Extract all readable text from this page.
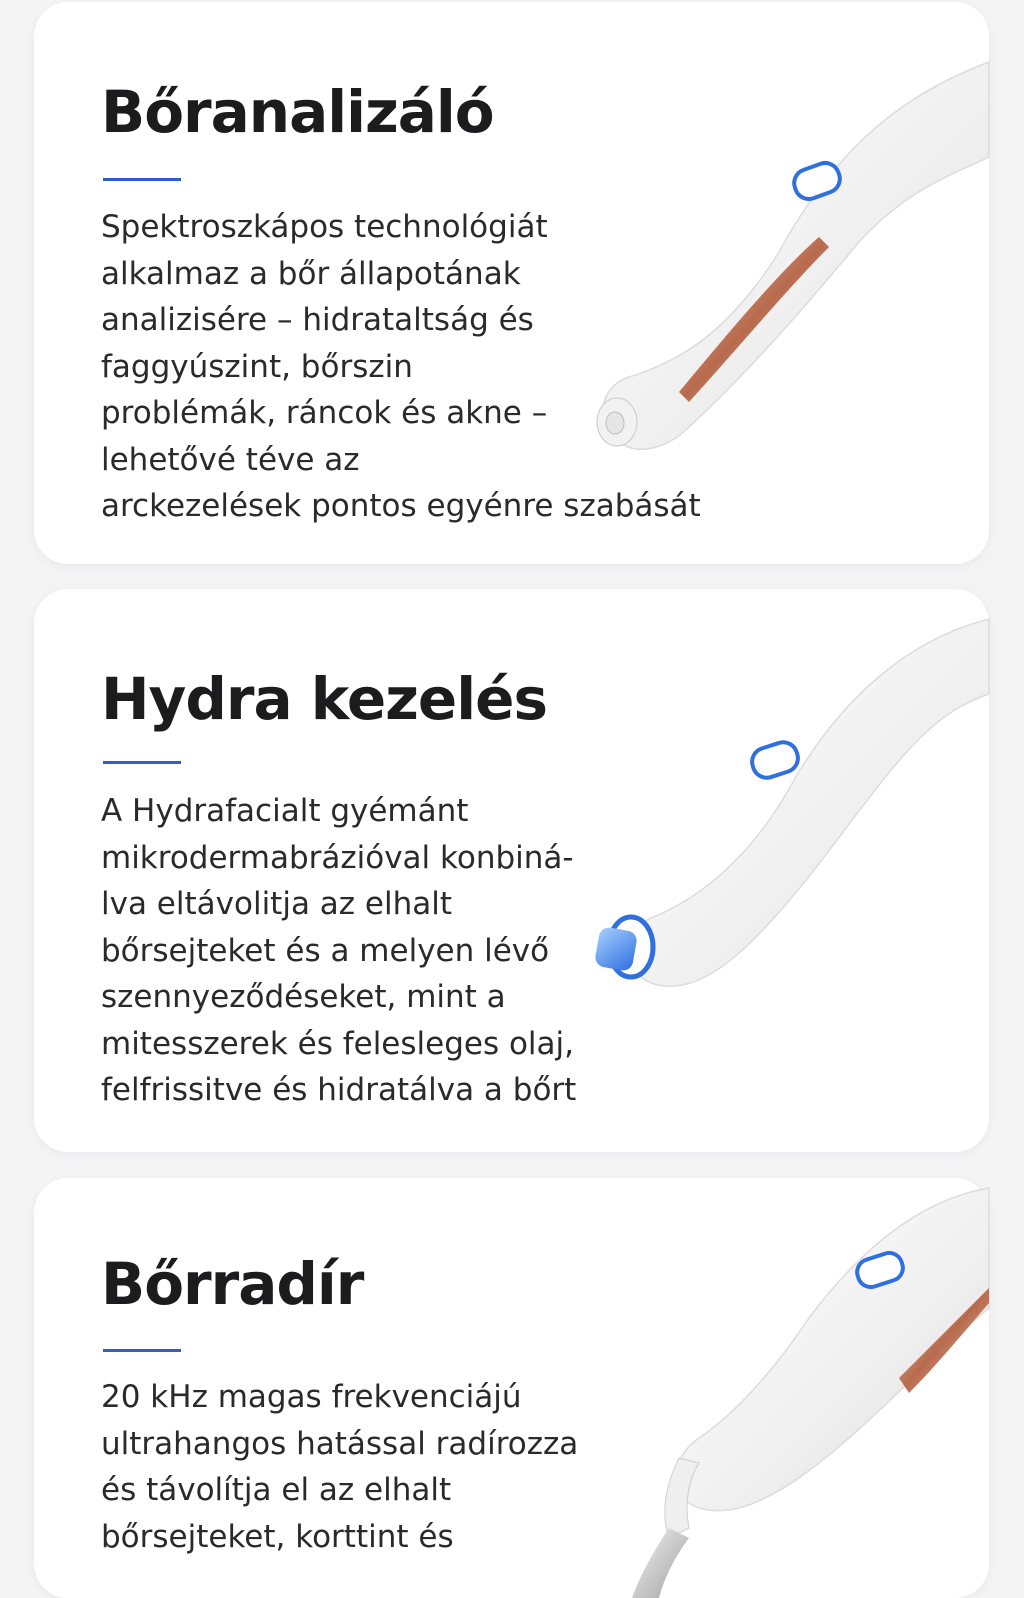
Bőranalizáló

Spektroszkápos technológiát
alkalmaz a bőr állapotának
analizisére – hidrataltság és
faggyúszint, bőrszin
problémák, ráncok és akne –
lehetővé téve az
arckezelések pontos egyénre szabását

Hydra kezelés

A Hydrafacialt gyémánt
mikrodermabrázióval konbiná-
lva eltávolitja az elhalt
bőrsejteket és a melyen lévő
szennyeződéseket, mint a
mitesszerek és felesleges olaj,
felfrissitve és hidratálva a bőrt

Bőrradír

20 kHz magas frekvenciájú
ultrahangos hatással radírozza
és távolítja el az elhalt
bőrsejteket, korttint és
